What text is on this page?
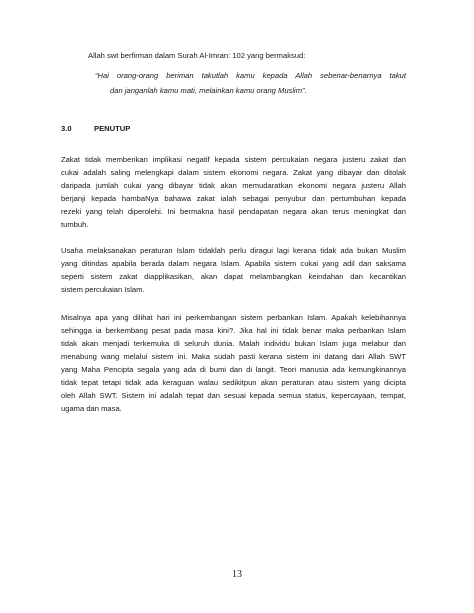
Allah swt berfirman dalam Surah Al-Imran: 102 yang bermaksud:

“Hai orang-orang beriman takutlah kamu kepada Allah sebenar-benarnya takut

dan janganlah kamu mati, melainkan kamu orang Muslim”.

3.0	PENUTUP

Zakat tidak memberikan implikasi negatif kepada sistem percukaian negara justeru zakat dan

cukai adalah saling melengkapi dalam sistem ekonomi negara. Zakat yang dibayar dan ditolak

daripada jumlah cukai yang dibayar tidak akan memudaratkan ekonomi negara justeru Allah

berjanji kepada hambaNya bahawa zakat ialah sebagai penyubur dan pertumbuhan kepada

rezeki yang telah diperolehi. Ini bermakna hasil pendapatan negara akan terus meningkat dan

tumbuh.

Usaha melaksanakan peraturan Islam tidaklah perlu diragui lagi kerana tidak ada bukan Muslim

yang ditindas apabila berada dalam negara Islam. Apabila sistem cukai yang adil dan saksama

seperti sistem zakat diapplikasikan, akan dapat melambangkan keindahan dan kecantikan

sistem percukaian Islam.

Misalnya apa yang dilihat hari ini perkembangan sistem perbankan Islam. Apakah kelebihannya

sehingga ia berkembang pesat pada masa kini?. Jika hal ini tidak benar maka perbankan Islam

tidak akan menjadi terkemuka di seluruh dunia. Malah individu bukan Islam juga melabur dan

menabung wang melalui sistem ini. Maka sudah pasti kerana sistem ini datang dari Allah SWT

yang Maha Pencipta segala yang ada di bumi dan di langit. Teori manusia ada kemungkinannya

tidak tepat tetapi tidak ada keraguan walau sedikitpun akan peraturan atau sistem yang dicipta

oleh Allah SWT. Sistem ini adalah tepat dan sesuai kepada semua status, kepercayaan, tempat,

ugama dan masa.

13
